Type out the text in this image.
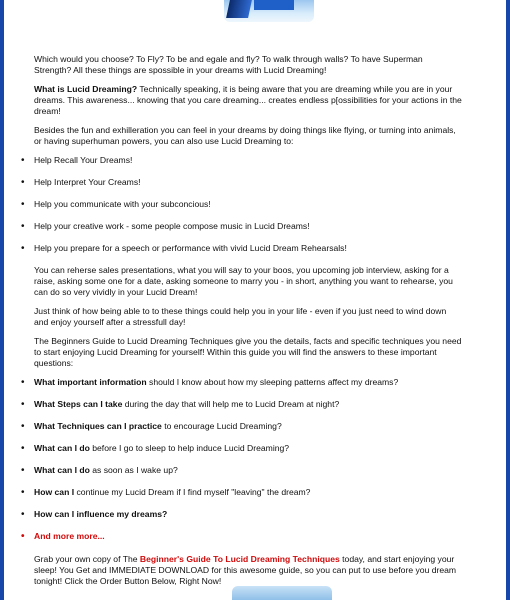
Which would you choose? To Fly? To be and egale and fly? To walk through walls? To have Superman Strength? All these things are spossible in your dreams with Lucid Dreaming!

What is Lucid Dreaming? Technically speaking, it is being aware that you are dreaming while you are in your dreams. This awareness... knowing that you care dreaming... creates endless p[ossibilities for your actions in the dream!

Besides the fun and exhilleration you can feel in your dreams by doing things like flying, or turning into animals, or having superhuman powers, you can also use Lucid Dreaming to:

• Help Recall Your Dreams!
• Help Interpret Your Creams!
• Help you communicate with your subconcious!
• Help your creative work - some people compose music in Lucid Dreams!
• Help you prepare for a speech or performance with vivid Lucid Dream Rehearsals!

You can reherse sales presentations, what you will say to your boos, you upcoming job interview, asking for a raise, asking some one for a date, asking someone to marry you - in short, anything you want to rehearse, you can do so very vividly in your Lucid Dream!

Just think of how being able to to these things could help you in your life - even if you just need to wind down and enjoy yourself after a stressfull day!

The Beginners Guide to Lucid Dreaming Techniques give you the details, facts and specific techniques you need to start enjoying Lucid Dreaming for yourself! Within this guide you will find the answers to these important questions:

• What important information should I know about how my sleeping patterns affect my dreams?
• What Steps can I take during the day that will help me to Lucid Dream at night?
• What Techniques can I practice to encourage Lucid Dreaming?
• What can I do before I go to sleep to help induce Lucid Dreaming?
• What can I do as soon as I wake up?
• How can I continue my Lucid Dream if I find myself "leaving" the dream?
• How can I influence my dreams?
• And more more...

Grab your own copy of The Beginner's Guide To Lucid Dreaming Techniques today, and start enjoying your sleep! You Get and IMMEDIATE DOWNLOAD for this awesome guide, so you can put to use before you dream tonight! Click the Order Button Below, Right Now!
